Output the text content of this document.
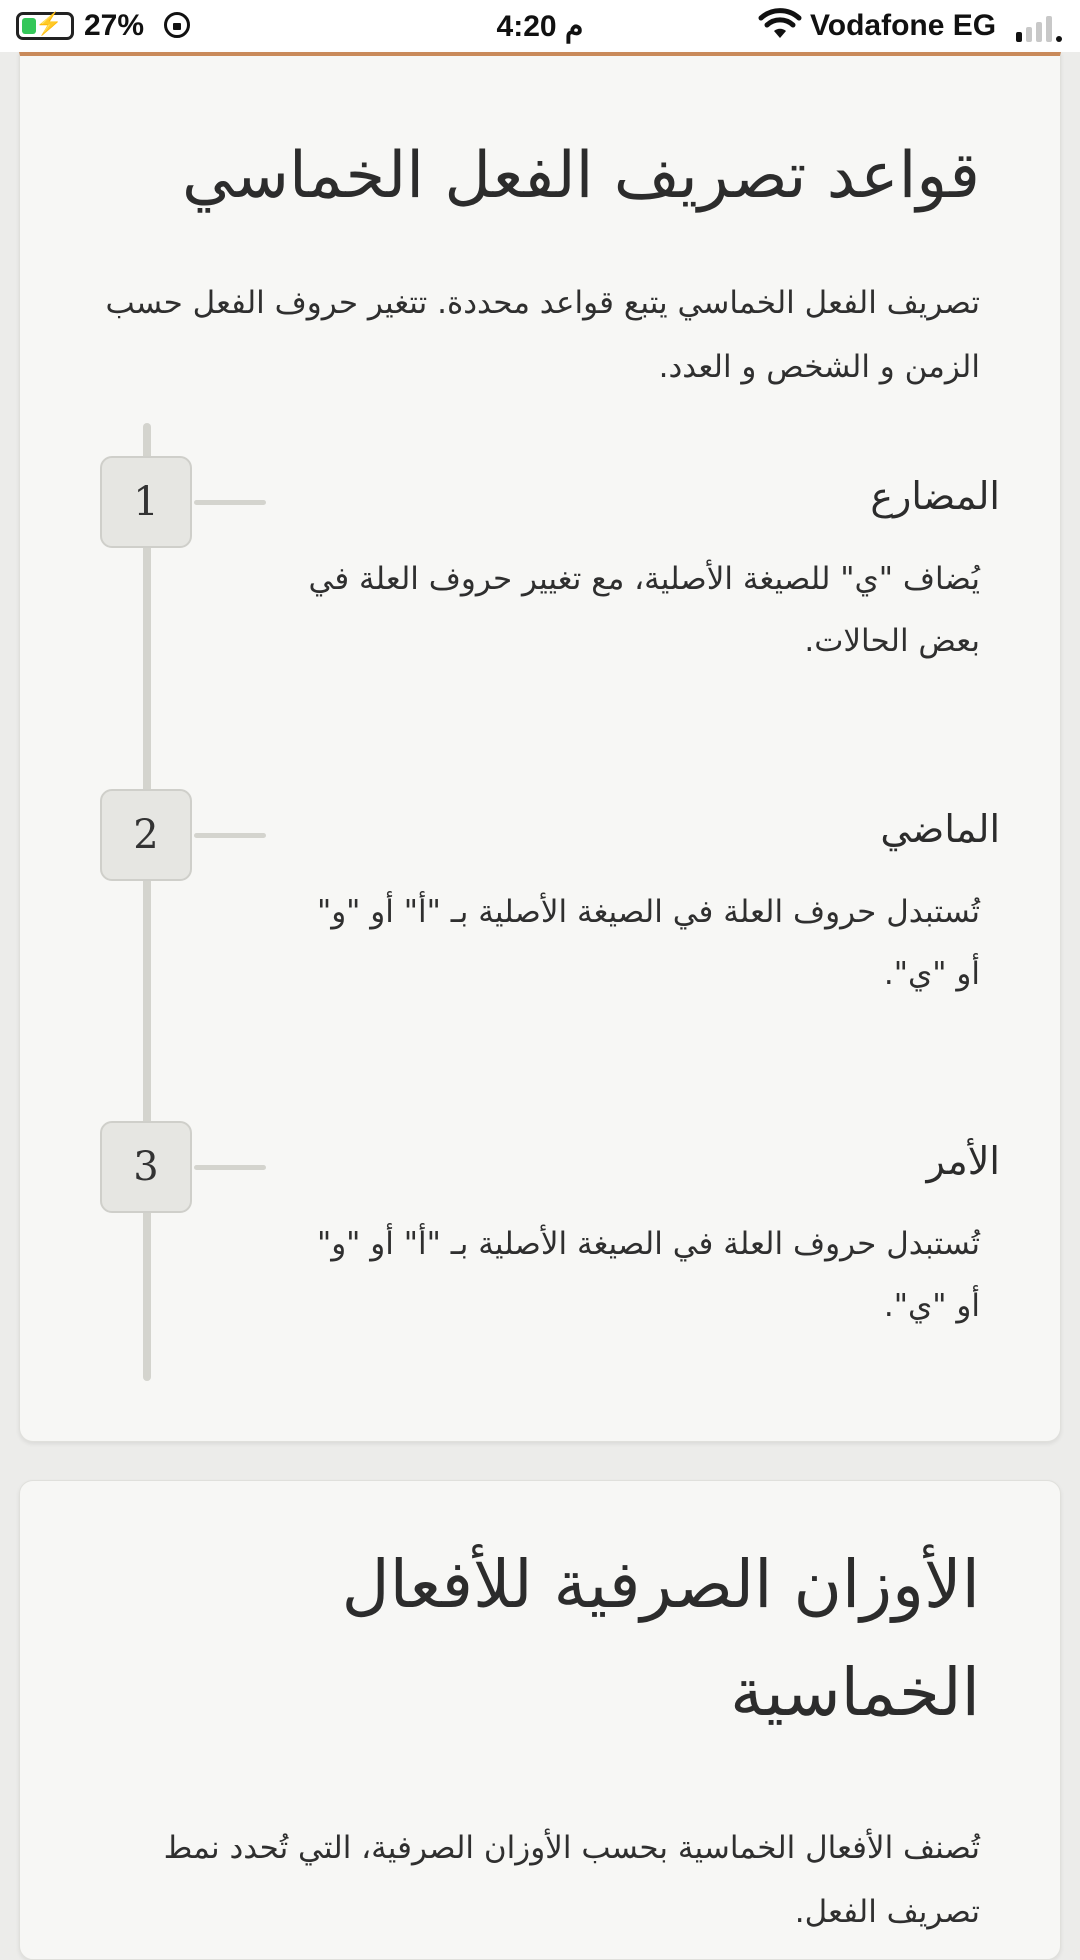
⚡ 27%	4:20 م	Vodafone EG
قواعد تصريف الفعل الخماسي

تصريف الفعل الخماسي يتبع قواعد محددة. تتغير حروف الفعل حسب الزمن و الشخص و العدد.

1	المضارع
يُضاف "ي" للصيغة الأصلية، مع تغيير حروف العلة في بعض الحالات.
2	الماضي
تُستبدل حروف العلة في الصيغة الأصلية بـ "أ" أو "و" أو "ي".
3	الأمر
تُستبدل حروف العلة في الصيغة الأصلية بـ "أ" أو "و" أو "ي".
الأوزان الصرفية للأفعال الخماسية

تُصنف الأفعال الخماسية بحسب الأوزان الصرفية، التي تُحدد نمط تصريف الفعل.
